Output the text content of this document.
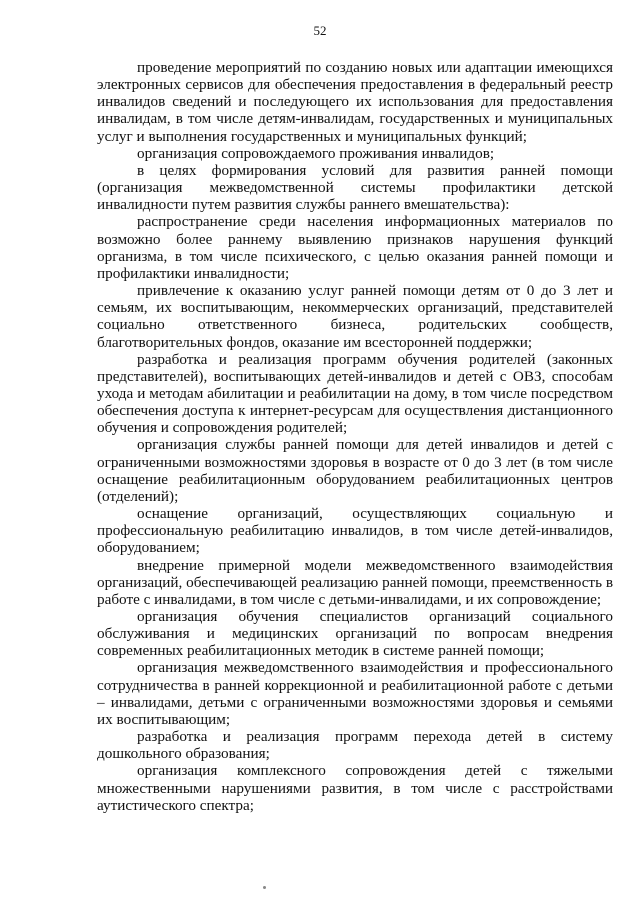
52

проведение мероприятий по созданию новых или адаптации имеющихся электронных сервисов для обеспечения предоставления в федеральный реестр инвалидов сведений и последующего их использования для предоставления инвалидам, в том числе детям-инвалидам, государственных и муниципальных услуг и выполнения государственных и муниципальных функций;

организация сопровождаемого проживания инвалидов;

в целях формирования условий для развития ранней помощи (организация межведомственной системы профилактики детской инвалидности путем развития службы раннего вмешательства):

распространение среди населения информационных материалов по возможно более раннему выявлению признаков нарушения функций организма, в том числе психического, с целью оказания ранней помощи и профилактики инвалидности;

привлечение к оказанию услуг ранней помощи детям от 0 до 3 лет и семьям, их воспитывающим, некоммерческих организаций, представителей социально ответственного бизнеса, родительских сообществ, благотворительных фондов, оказание им всесторонней поддержки;

разработка и реализация программ обучения родителей (законных представителей), воспитывающих детей-инвалидов и детей с ОВЗ, способам ухода и методам абилитации и реабилитации на дому, в том числе посредством обеспечения доступа к интернет-ресурсам для осуществления дистанционного обучения и сопровождения родителей;

организация службы ранней помощи для детей инвалидов и детей с ограниченными возможностями здоровья в возрасте от 0 до 3 лет (в том числе оснащение реабилитационным оборудованием реабилитационных центров (отделений);

оснащение организаций, осуществляющих социальную и профессиональную реабилитацию инвалидов, в том числе детей-инвалидов, оборудованием;

внедрение примерной модели межведомственного взаимодействия организаций, обеспечивающей реализацию ранней помощи, преемственность в работе с инвалидами, в том числе с детьми-инвалидами, и их сопровождение;

организация обучения специалистов организаций социального обслуживания и медицинских организаций по вопросам внедрения современных реабилитационных методик в системе ранней помощи;

организация межведомственного взаимодействия и профессионального сотрудничества в ранней коррекционной и реабилитационной работе с детьми – инвалидами, детьми с ограниченными возможностями здоровья и семьями их воспитывающим;

разработка и реализация программ перехода детей в систему дошкольного образования;

организация комплексного сопровождения детей с тяжелыми множественными нарушениями развития, в том числе с расстройствами аутистического спектра;
